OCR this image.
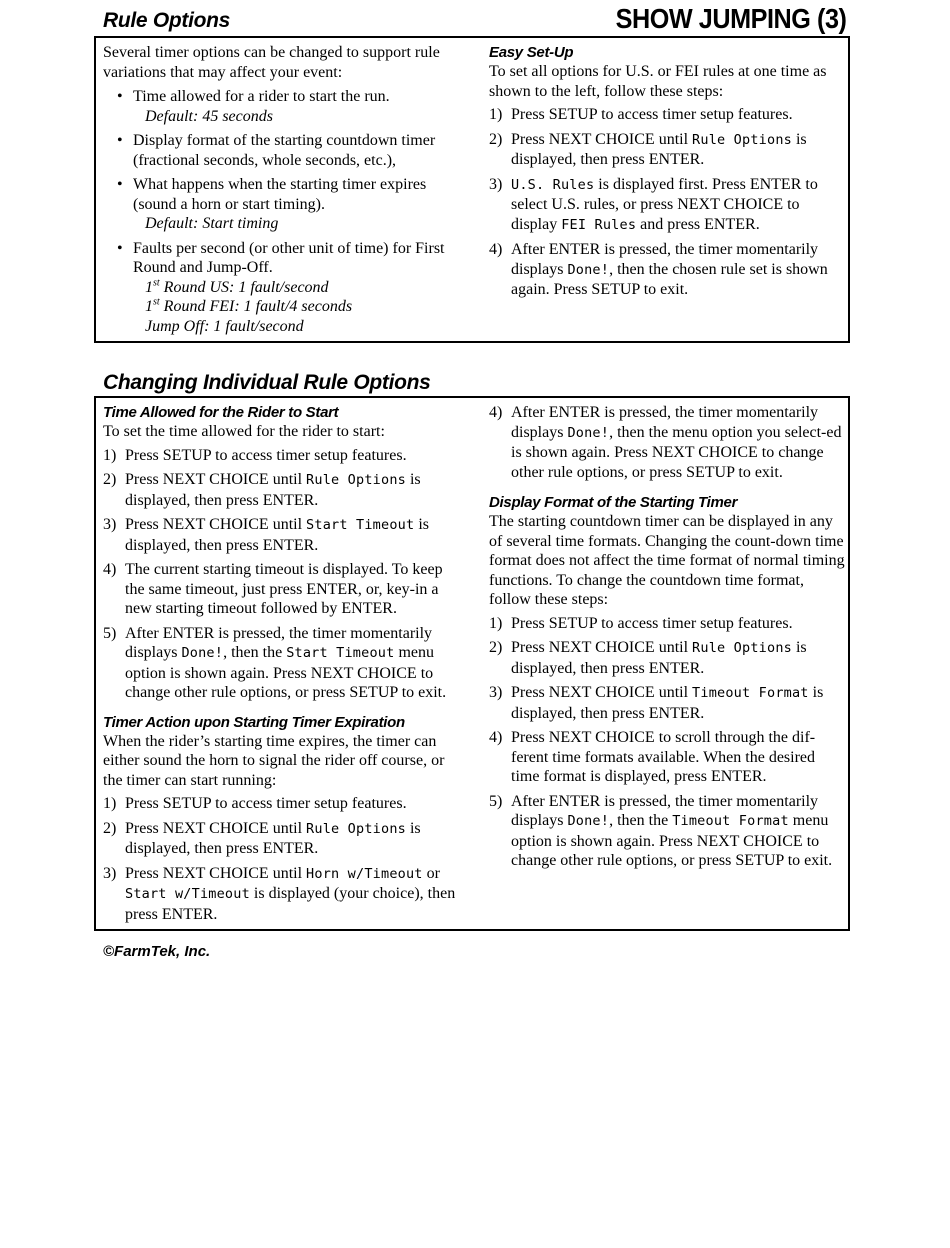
Rule Options	SHOW JUMPING (3)

Several timer options can be changed to support rule variations that may affect your event:

• Time allowed for a rider to start the run.
Default: 45 seconds
• Display format of the starting countdown timer (fractional seconds, whole seconds, etc.),
• What happens when the starting timer expires (sound a horn or start timing).
Default: Start timing
• Faults per second (or other unit of time) for First Round and Jump-Off.
1st Round US: 1 fault/second
1st Round FEI: 1 fault/4 seconds
Jump Off: 1 fault/second

Easy Set-Up

To set all options for U.S. or FEI rules at one time as shown to the left, follow these steps:

1) Press SETUP to access timer setup features.
2) Press NEXT CHOICE until Rule Options is displayed, then press ENTER.
3) U.S. Rules is displayed first. Press ENTER to select U.S. rules, or press NEXT CHOICE to display FEI Rules and press ENTER.
4) After ENTER is pressed, the timer momentarily displays Done!, then the chosen rule set is shown again. Press SETUP to exit.
Changing Individual Rule Options

Time Allowed for the Rider to Start

To set the time allowed for the rider to start:

1) Press SETUP to access timer setup features.
2) Press NEXT CHOICE until Rule Options is displayed, then press ENTER.
3) Press NEXT CHOICE until Start Timeout is displayed, then press ENTER.
4) The current starting timeout is displayed. To keep the same timeout, just press ENTER, or, key-in a new starting timeout followed by ENTER.
5) After ENTER is pressed, the timer momentarily displays Done!, then the Start Timeout menu option is shown again. Press NEXT CHOICE to change other rule options, or press SETUP to exit.

Timer Action upon Starting Timer Expiration

When the rider’s starting time expires, the timer can either sound the horn to signal the rider off course, or the timer can start running:

1) Press SETUP to access timer setup features.
2) Press NEXT CHOICE until Rule Options is displayed, then press ENTER.
3) Press NEXT CHOICE until Horn w/Timeout or Start w/Timeout is displayed (your choice), then press ENTER.
4) After ENTER is pressed, the timer momentarily displays Done!, then the menu option you select-ed is shown again. Press NEXT CHOICE to change other rule options, or press SETUP to exit.

Display Format of the Starting Timer

The starting countdown timer can be displayed in any of several time formats. Changing the count-down time format does not affect the time format of normal timing functions. To change the countdown time format, follow these steps:

1) Press SETUP to access timer setup features.
2) Press NEXT CHOICE until Rule Options is displayed, then press ENTER.
3) Press NEXT CHOICE until Timeout Format is displayed, then press ENTER.
4) Press NEXT CHOICE to scroll through the dif-ferent time formats available. When the desired time format is displayed, press ENTER.
5) After ENTER is pressed, the timer momentarily displays Done!, then the Timeout Format menu option is shown again. Press NEXT CHOICE to change other rule options, or press SETUP to exit.
©FarmTek, Inc.
